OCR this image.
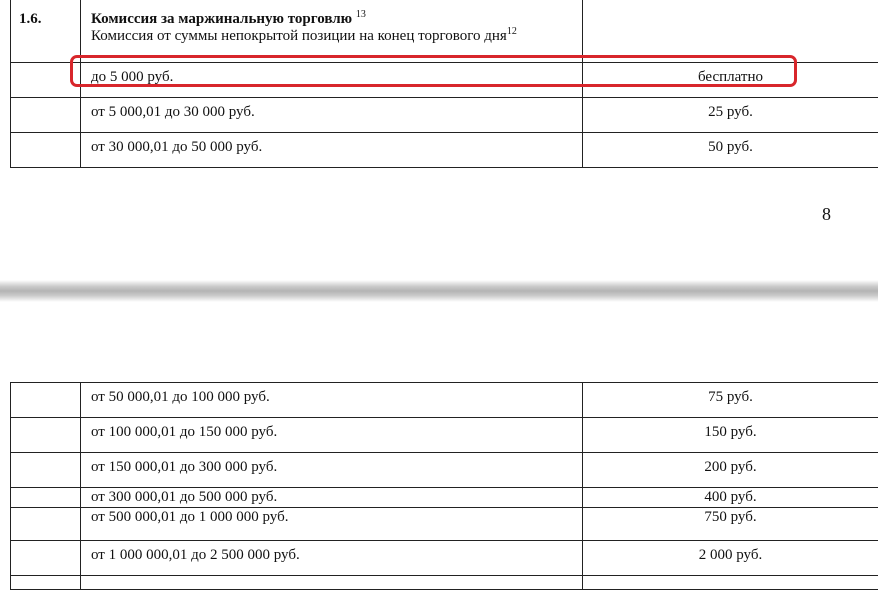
1.6.	Комиссия за маржинальную торговлю $^{13}$
Комиссия от суммы непокрытой позиции на конец торгового дня$^{12}$

	до 5 000 руб.	бесплатно
	от 5 000,01 до 30 000 руб.	25 руб.
	от 30 000,01 до 50 000 руб.	50 руб.
8
	от 50 000,01 до 100 000 руб.	75 руб.
	от 100 000,01 до 150 000 руб.	150 руб.
	от 150 000,01 до 300 000 руб.	200 руб.
	от 300 000,01 до 500 000 руб.	400 руб.
	от 500 000,01 до 1 000 000 руб.	750 руб.
	от 1 000 000,01 до 2 500 000 руб.	2 000 руб.
